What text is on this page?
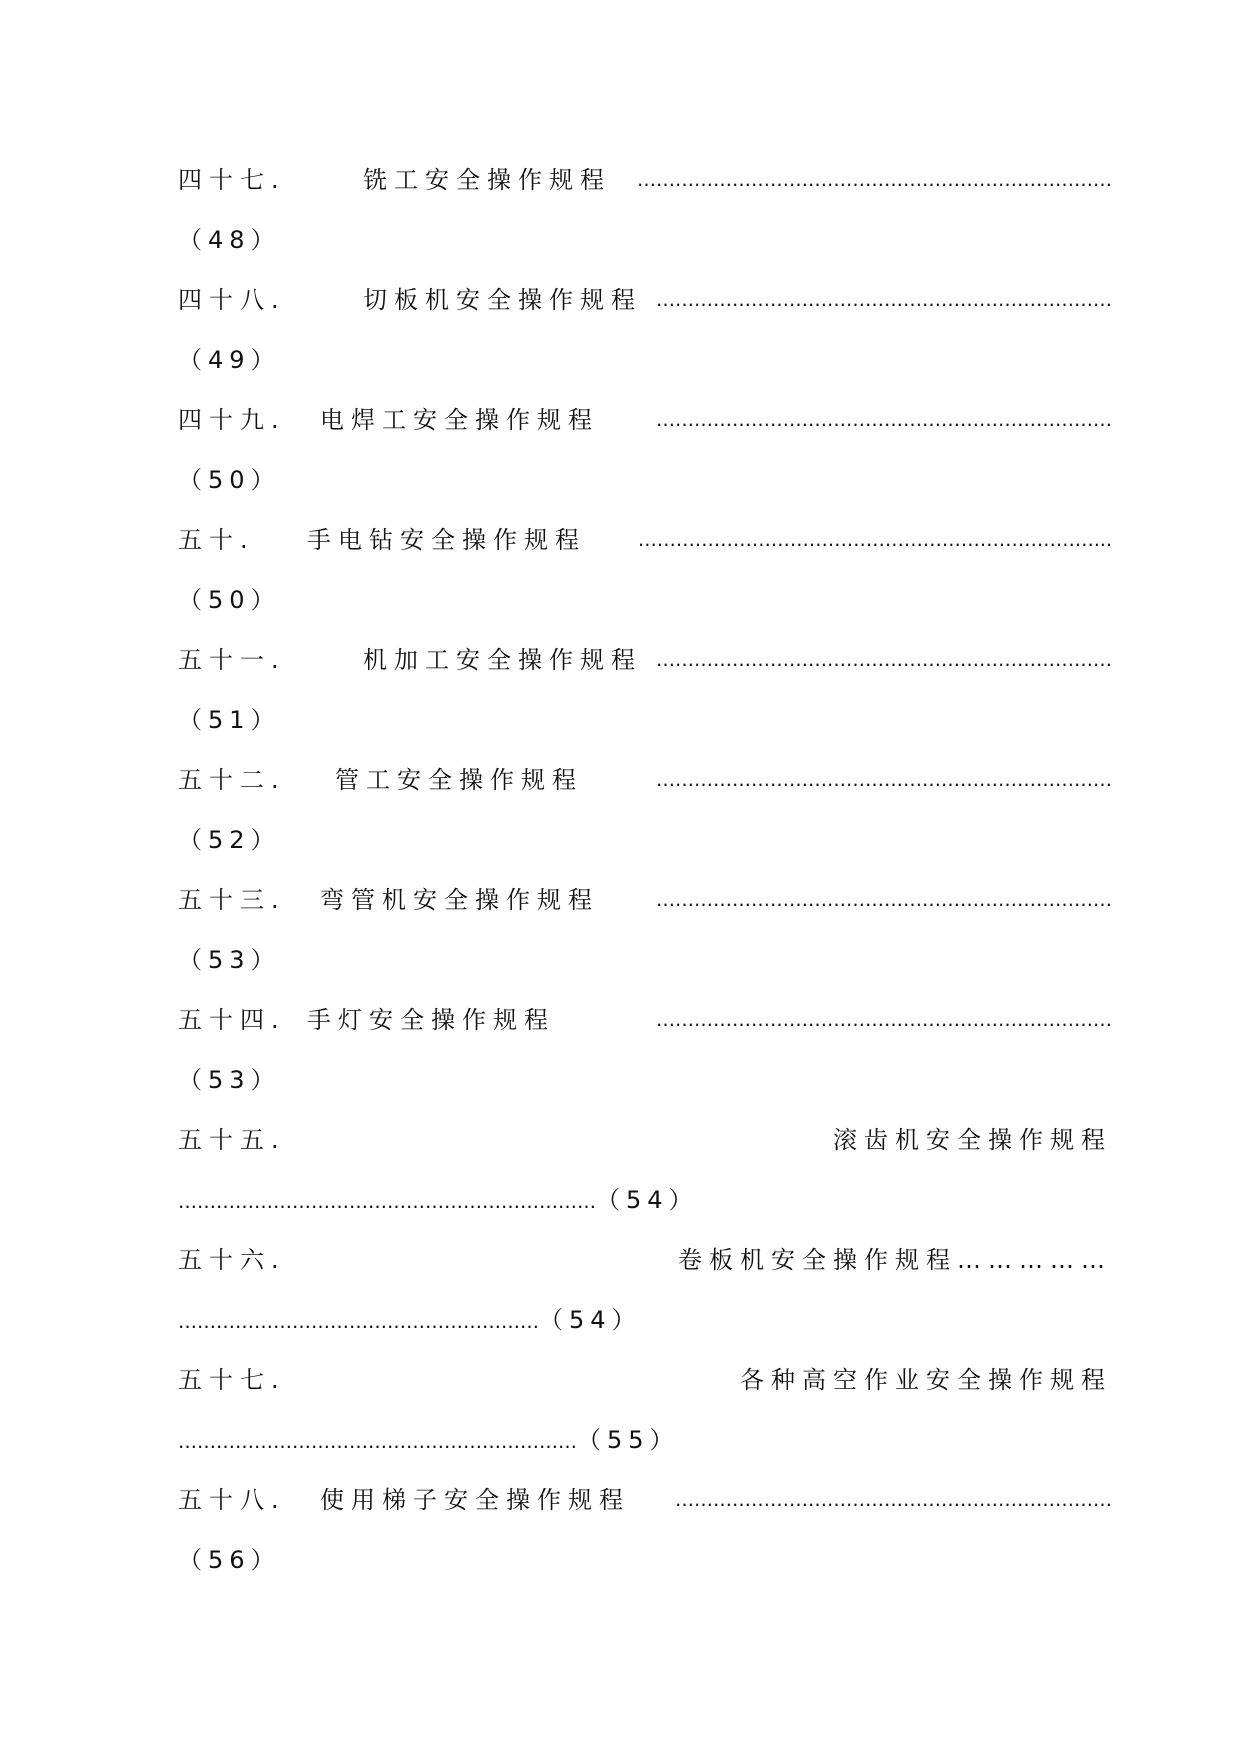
四十七.	铣工安全操作规程 …………………………………………………………………
（48）
四十八.	切板机安全操作规程 ………………………………………………………………
（49）
四十九. 电焊工安全操作规程	………………………………………………………………
（50）
五十. 手电钻安全操作规程	………………………………………………………………...
（50）
五十一.	机加工安全操作规程 ………………………………………………………………
（51）
五十二. 管工安全操作规程	………………………………………………………………
（52）
五十三. 弯管机安全操作规程	………………………………………………………………
（53）
五十四. 手灯安全操作规程	………………………………………………………………
（53）
五十五.	滚齿机安全操作规程
…………………………………………………………（54）
五十六.	卷板机安全操作规程……………
…………………………………………………（54）
五十七.	各种高空作业安全操作规程
………………………………………………………（55）
五十八. 使用梯子安全操作规程 ……………………………………………………………
（56）
